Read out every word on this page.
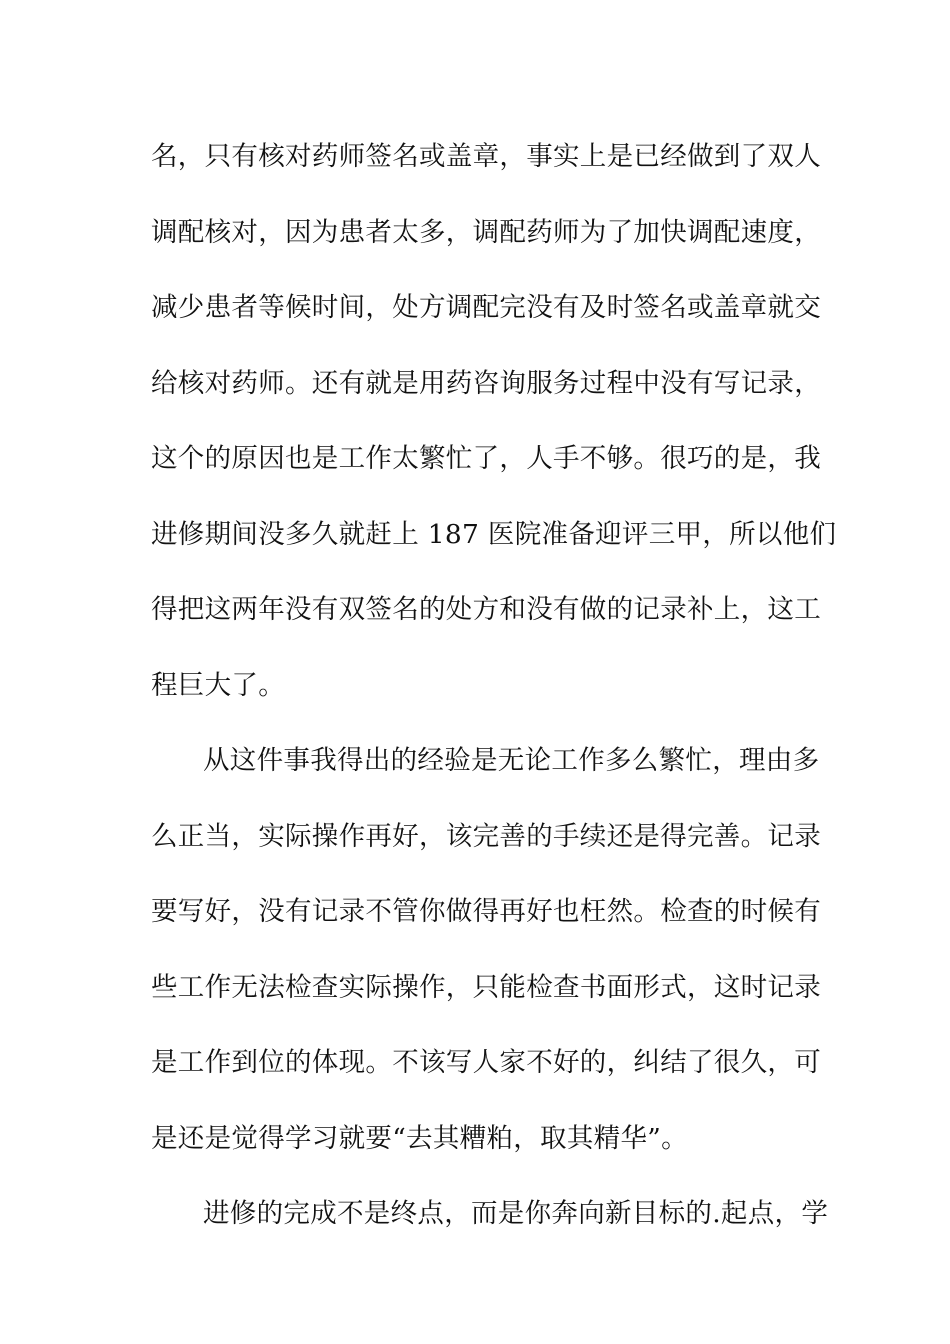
名，只有核对药师签名或盖章，事实上是已经做到了双人
调配核对，因为患者太多，调配药师为了加快调配速度，
减少患者等候时间，处方调配完没有及时签名或盖章就交
给核对药师。还有就是用药咨询服务过程中没有写记录，
这个的原因也是工作太繁忙了，人手不够。很巧的是，我
进修期间没多久就赶上 187 医院准备迎评三甲，所以他们
得把这两年没有双签名的处方和没有做的记录补上，这工
程巨大了。
从这件事我得出的经验是无论工作多么繁忙，理由多
么正当，实际操作再好，该完善的手续还是得完善。记录
要写好，没有记录不管你做得再好也枉然。检查的时候有
些工作无法检查实际操作，只能检查书面形式，这时记录
是工作到位的体现。不该写人家不好的，纠结了很久，可
是还是觉得学习就要“去其糟粕，取其精华”。
进修的完成不是终点，而是你奔向新目标的.起点，学
